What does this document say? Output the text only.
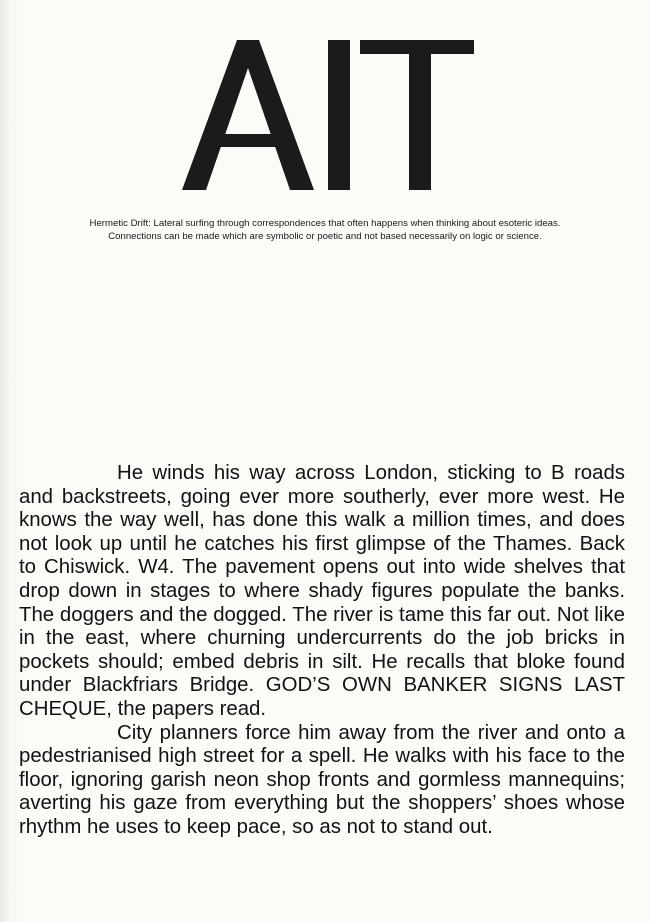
Hermetic Drift: Lateral surfing through correspondences that often happens when thinking about esoteric ideas.
Connections can be made which are symbolic or poetic and not based necessarily on logic or science.

He winds his way across London, sticking to B roads and backstreets, going ever more southerly, ever more west. He knows the way well, has done this walk a million times, and does not look up until he catches his first glimpse of the Thames. Back to Chiswick. W4. The pavement opens out into wide shelves that drop down in stages to where shady figures populate the banks. The doggers and the dogged. The river is tame this far out. Not like in the east, where churning undercurrents do the job bricks in pockets should; embed debris in silt. He recalls that bloke found under Blackfriars Bridge. GOD’S OWN BANKER SIGNS LAST CHEQUE, the papers read.

City planners force him away from the river and onto a pedestrianised high street for a spell. He walks with his face to the floor, ignoring garish neon shop fronts and gormless mannequins; averting his gaze from everything but the shoppers’ shoes whose rhythm he uses to keep pace, so as not to stand out.
